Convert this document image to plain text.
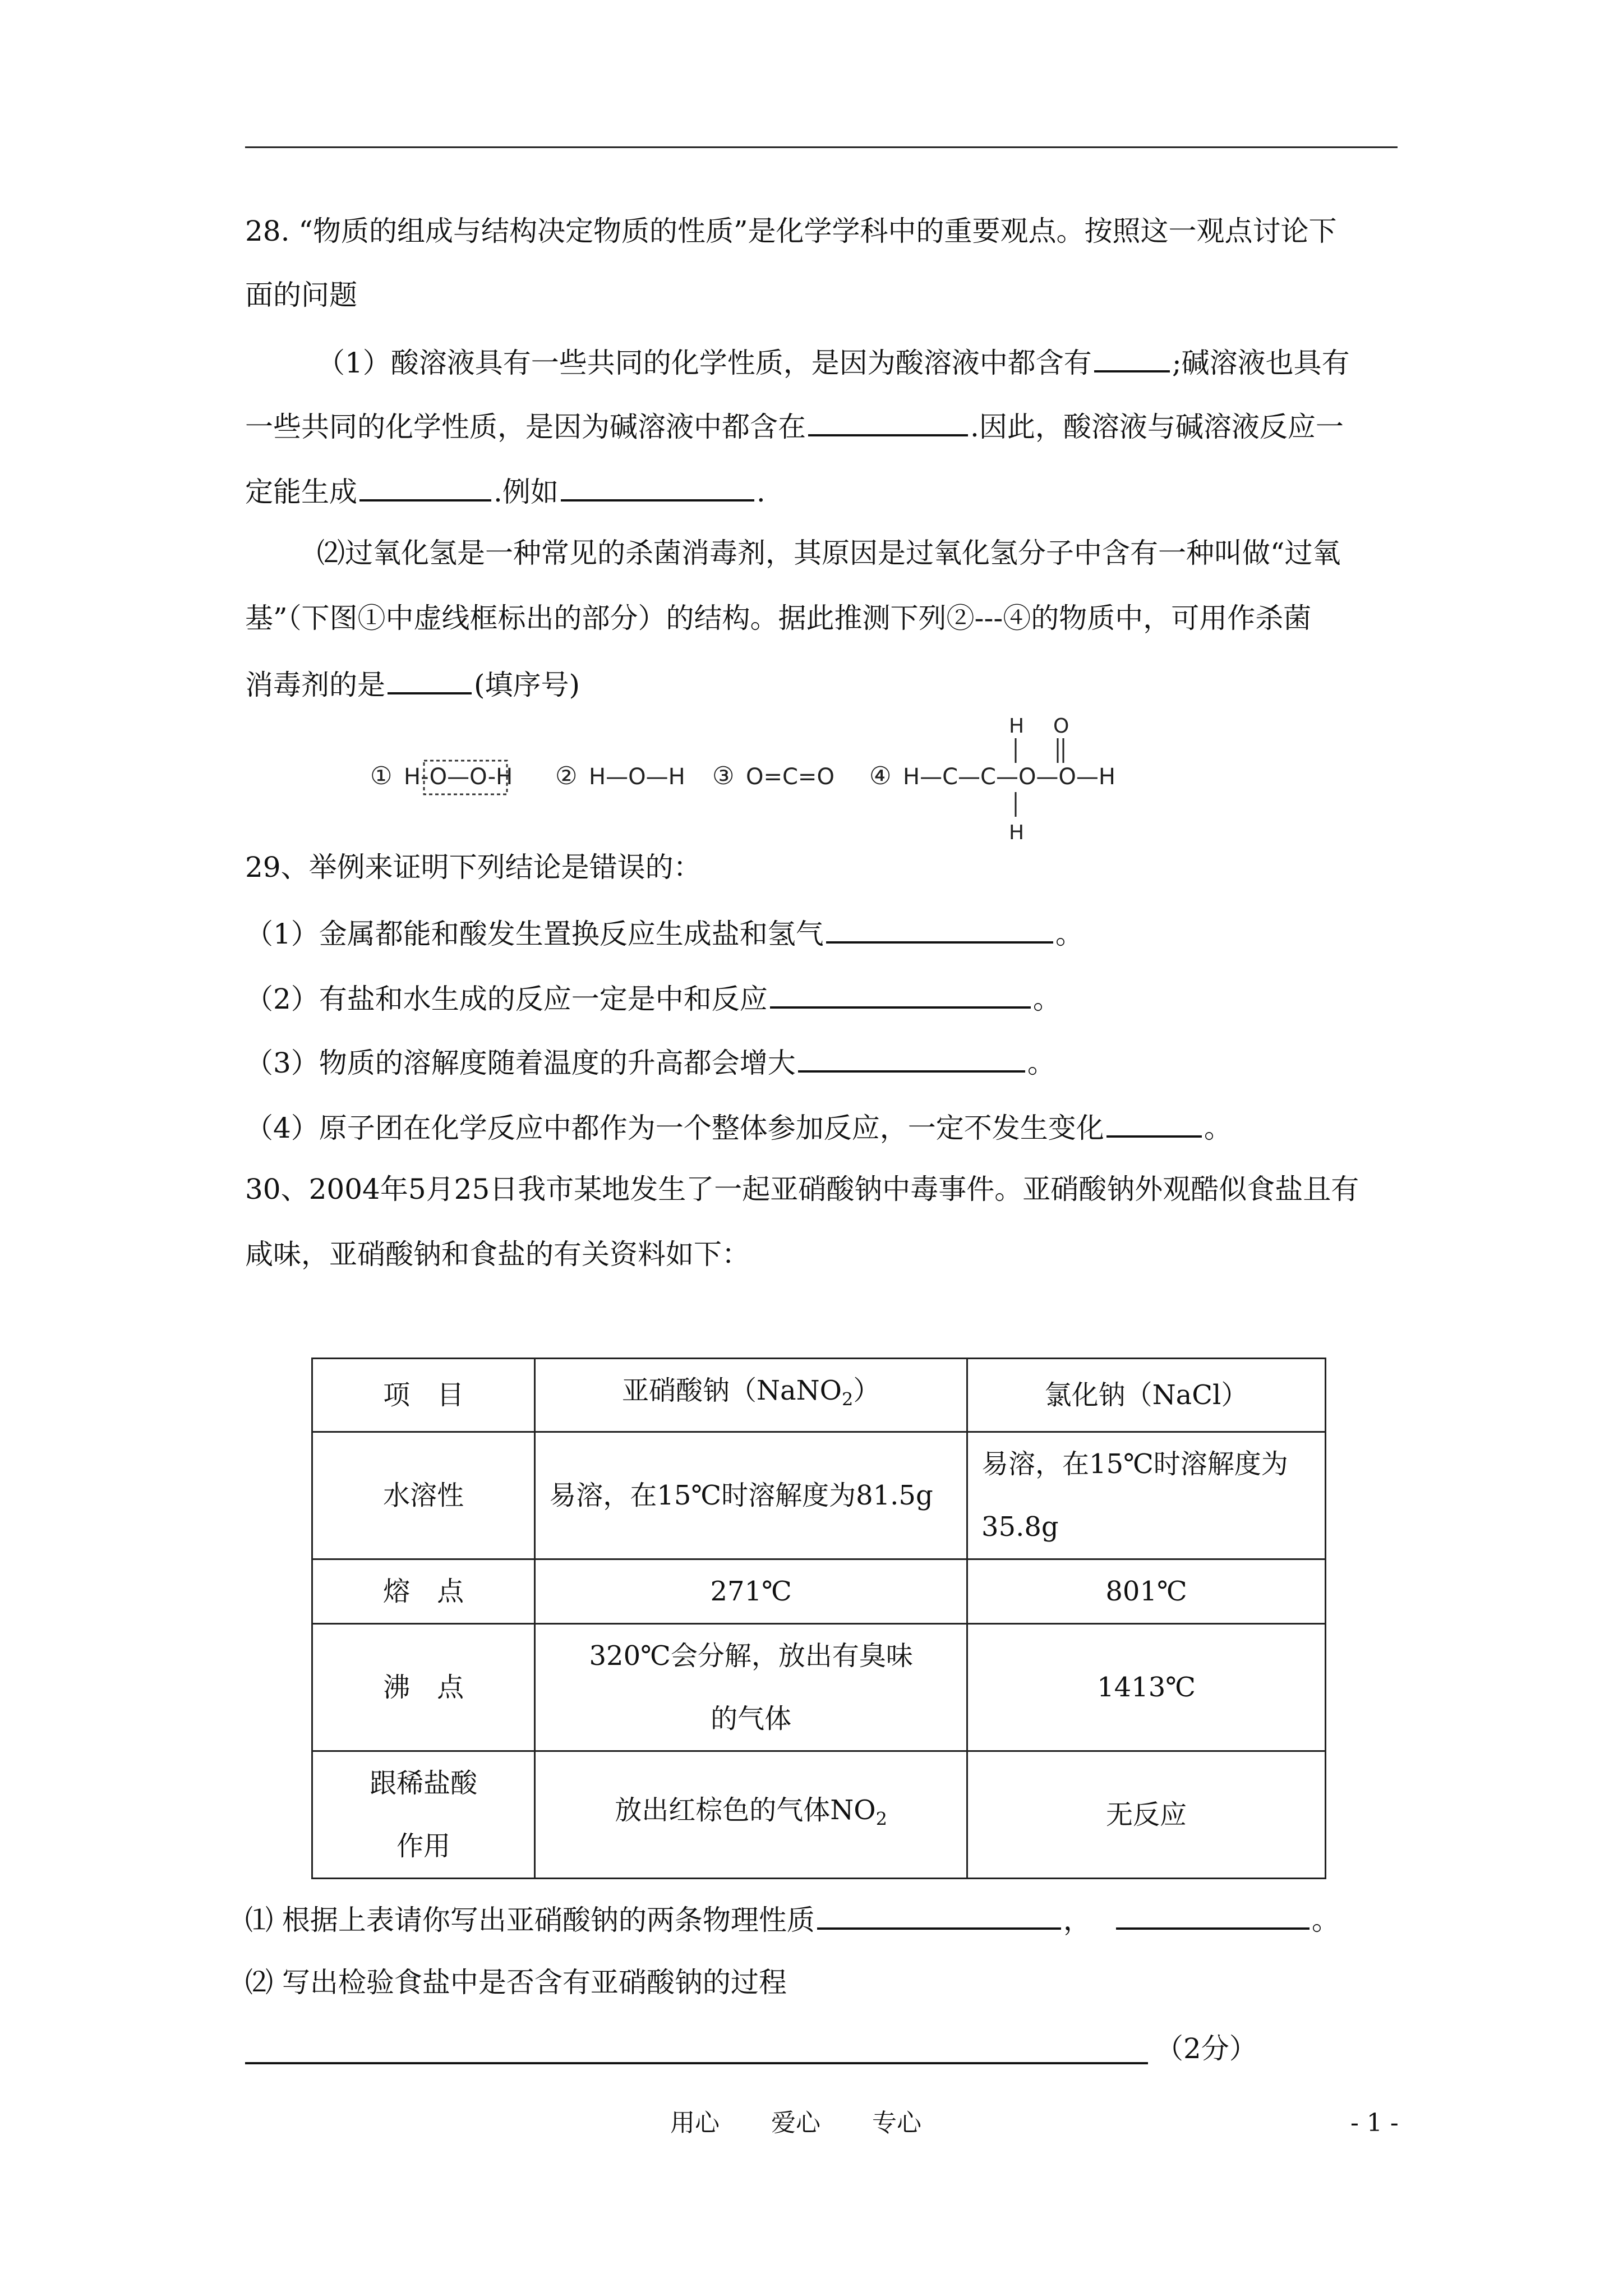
28. “物质的组成与结构决定物质的性质”是化学学科中的重要观点。按照这一观点讨论下
面的问题
（1）酸溶液具有一些共同的化学性质，是因为酸溶液中都含有	;碱溶液也具有
一些共同的化学性质，是因为碱溶液中都含在	.因此，酸溶液与碱溶液反应一
定能生成	.例如	.
⑵过氧化氢是一种常见的杀菌消毒剂，其原因是过氧化氢分子中含有一种叫做“过氧
基”（下图①中虚线框标出的部分）的结构。据此推测下列②---④的物质中，可用作杀菌
消毒剂的是	(填序号)
① H-O—O-H ② H—O—H ③ O=C=O ④ H—C—C—O—O—H
H O
H
29、举例来证明下列结论是错误的：
（1）金属都能和酸发生置换反应生成盐和氢气	。
（2）有盐和水生成的反应一定是中和反应	。
（3）物质的溶解度随着温度的升高都会增大	。
（4）原子团在化学反应中都作为一个整体参加反应，一定不发生变化	。
30、2004年5月25日我市某地发生了一起亚硝酸钠中毒事件。亚硝酸钠外观酷似食盐且有
咸味，亚硝酸钠和食盐的有关资料如下：
项　目	亚硝酸钠（NaNO$_2$）	氯化钠（NaCl）
水溶性	易溶，在15℃时溶解度为81.5g	易溶，在15℃时溶解度为
35.8g

熔　点	271℃	801℃
沸　点	320℃会分解，放出有臭味
的气体	1413℃

跟稀盐酸
作用	放出红棕色的气体$NO_2$	无反应
⑴ 根据上表请你写出亚硝酸钠的两条物理性质	，	。
⑵ 写出检验食盐中是否含有亚硝酸钠的过程
（2分）
用心 爱心 专心	- 1 -
